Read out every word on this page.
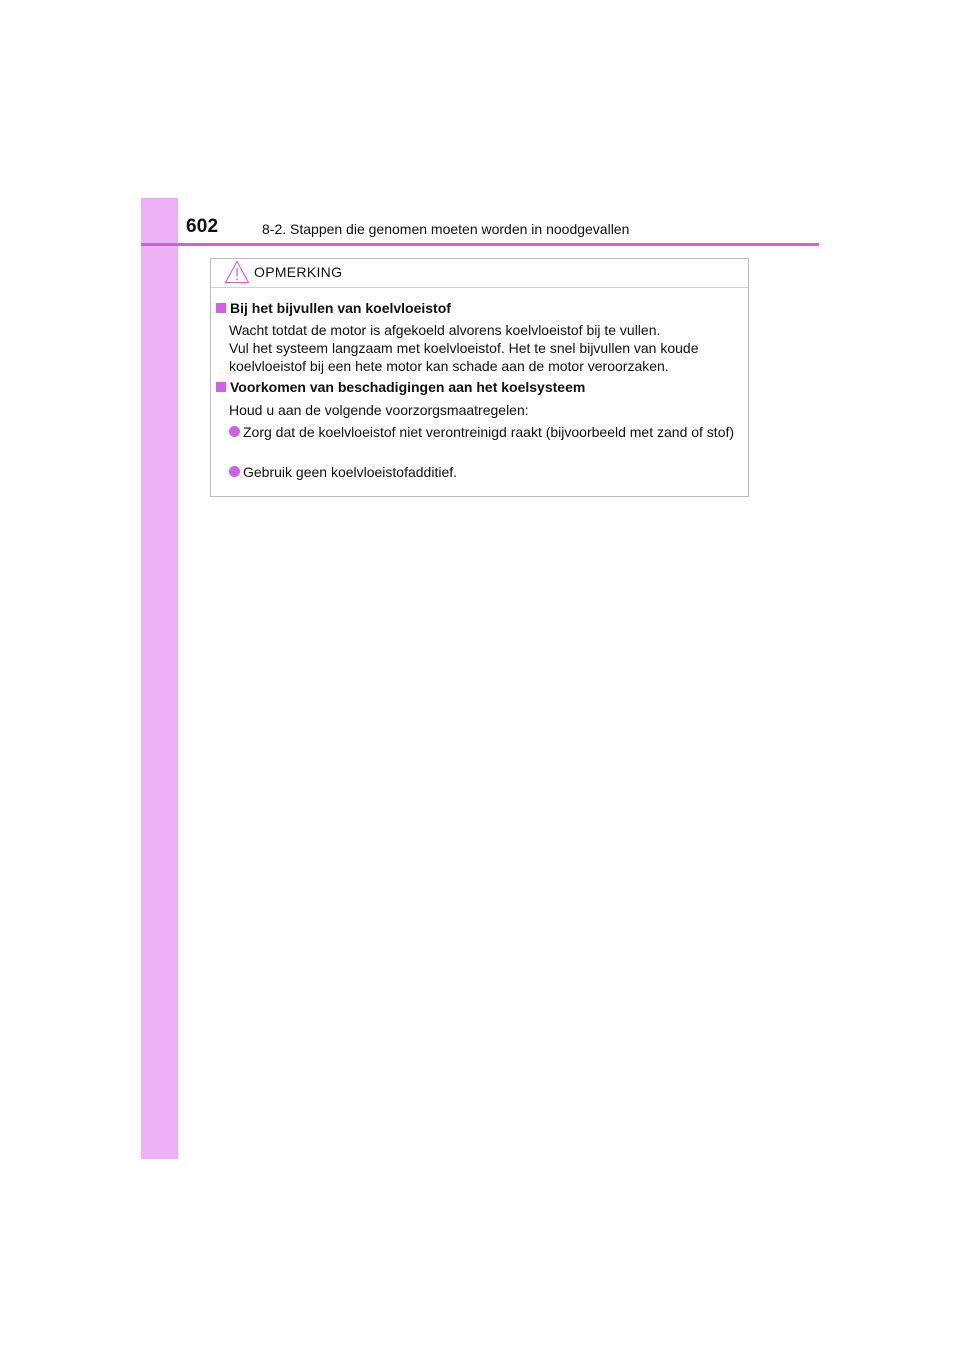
602	8-2. Stappen die genomen moeten worden in noodgevallen
OPMERKING
Bij het bijvullen van koelvloeistof
Wacht totdat de motor is afgekoeld alvorens koelvloeistof bij te vullen.
Vul het systeem langzaam met koelvloeistof. Het te snel bijvullen van koude
koelvloeistof bij een hete motor kan schade aan de motor veroorzaken.
Voorkomen van beschadigingen aan het koelsysteem
Houd u aan de volgende voorzorgsmaatregelen:
Zorg dat de koelvloeistof niet verontreinigd raakt (bijvoorbeeld met zand of stof)
Gebruik geen koelvloeistofadditief.
